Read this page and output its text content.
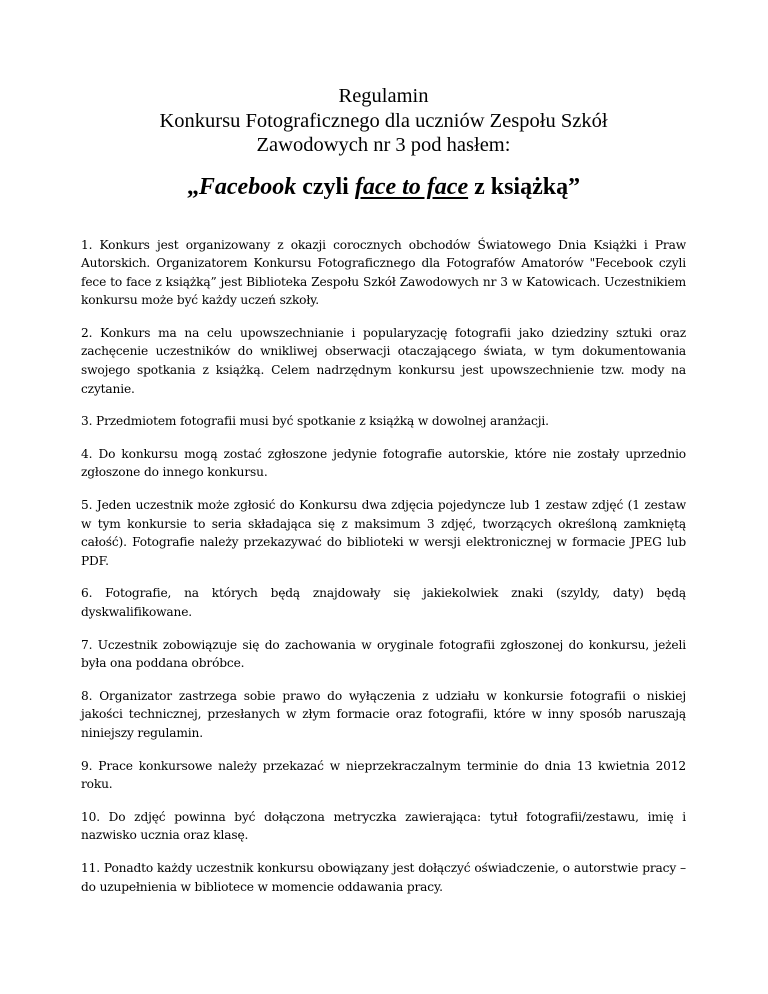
Regulamin
Konkursu Fotograficznego dla uczniów Zespołu Szkół
Zawodowych nr 3 pod hasłem:
„Facebook czyli face to face z książką”

1. Konkurs jest organizowany z okazji corocznych obchodów Światowego Dnia Książki i Praw Autorskich. Organizatorem Konkursu Fotograficznego dla Fotografów Amatorów "Fecebook czyli fece to face z książką” jest Biblioteka Zespołu Szkół Zawodowych nr 3 w Katowicach. Uczestnikiem konkursu może być każdy uczeń szkoły.

2. Konkurs ma na celu upowszechnianie i popularyzację fotografii jako dziedziny sztuki oraz zachęcenie uczestników do wnikliwej obserwacji otaczającego świata, w tym dokumentowania swojego spotkania z książką. Celem nadrzędnym konkursu jest upowszechnienie tzw. mody na czytanie.

3. Przedmiotem fotografii musi być spotkanie z książką w dowolnej aranżacji.

4. Do konkursu mogą zostać zgłoszone jedynie fotografie autorskie, które nie zostały uprzednio zgłoszone do innego konkursu.

5. Jeden uczestnik może zgłosić do Konkursu dwa zdjęcia pojedyncze lub 1 zestaw zdjęć (1 zestaw w tym konkursie to seria składająca się z maksimum 3 zdjęć, tworzących określoną zamkniętą całość). Fotografie należy przekazywać do biblioteki w wersji elektronicznej w formacie JPEG lub PDF.

6. Fotografie, na których będą znajdowały się jakiekolwiek znaki (szyldy, daty) będą dyskwalifikowane.

7. Uczestnik zobowiązuje się do zachowania w oryginale fotografii zgłoszonej do konkursu, jeżeli była ona poddana obróbce.

8. Organizator zastrzega sobie prawo do wyłączenia z udziału w konkursie fotografii o niskiej jakości technicznej, przesłanych w złym formacie oraz fotografii, które w inny sposób naruszają niniejszy regulamin.

9. Prace konkursowe należy przekazać w nieprzekraczalnym terminie do dnia 13 kwietnia 2012 roku.

10. Do zdjęć powinna być dołączona metryczka zawierająca: tytuł fotografii/zestawu, imię i nazwisko ucznia oraz klasę.

11. Ponadto każdy uczestnik konkursu obowiązany jest dołączyć oświadczenie, o autorstwie pracy – do uzupełnienia w bibliotece w momencie oddawania pracy.
